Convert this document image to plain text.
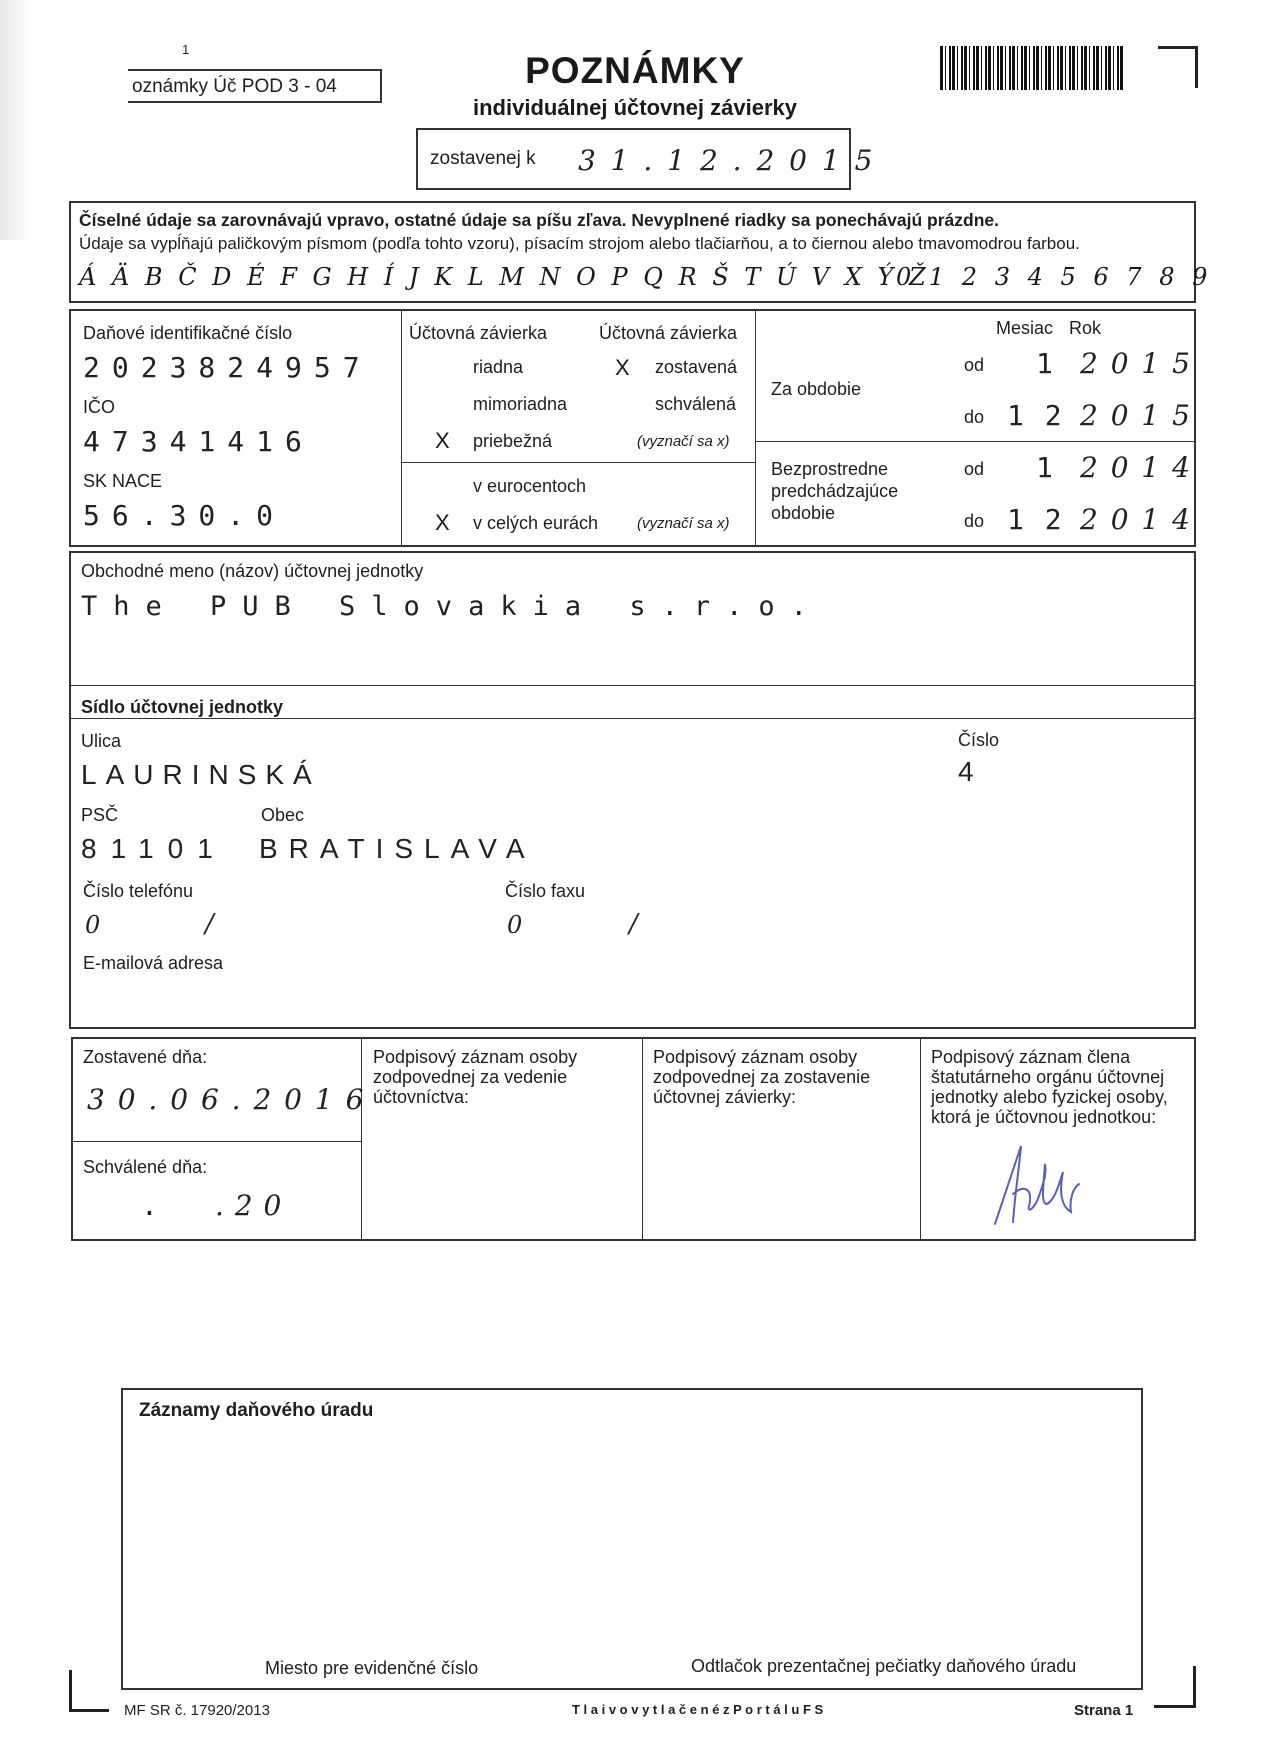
1
oznámky Úč POD 3 - 04	POZNÁMKY
individuálnej účtovnej závierky
zostavenej k 3 1 . 1 2 . 2 0 1 5
Číselné údaje sa zarovnávajú vpravo, ostatné údaje sa píšu zľava. Nevyplnené riadky sa ponechávajú prázdne.
Údaje sa vypĺňajú paličkovým písmom (podľa tohto vzoru), písacím strojom alebo tlačiarňou, a to čiernou alebo tmavomodrou farbou.
Á Ä B Č D É F G H Í J K L M N O P Q R Š T Ú V X Ý Ž
0 1 2 3 4 5 6 7 8 9
Daňové identifikačné číslo
2023824957
IČO
47341416
SK NACE
56.30.0
Účtovná závierka	Účtovná závierka
riadna	X zostavená
mimoriadna	schválená
X priebežná	(vyznačí sa x)
v eurocentoch
X v celých eurách	(vyznačí sa x)
Mesiac Rok
Za obdobie
od 1 2 0 1 5
do 1 2 2 0 1 5
Bezprostredne
predchádzajúce
obdobie
od 1 2 0 1 4
do 1 2 2 0 1 4
Obchodné meno (názov) účtovnej jednotky
The PUB Slovakia s.r.o.
Sídlo účtovnej jednotky
Ulica
LAURINSKÁ
Číslo
4
PSČ	Obec
81101 BRATISLAVA
Číslo telefónu
0	/
Číslo faxu
0	/
E-mailová adresa
Zostavené dňa:
3 0 . 0 6 . 2 0 1 6
Schválené dňa:
. . 2 0
Podpisový záznam osoby zodpovednej za vedenie účtovníctva:
Podpisový záznam osoby zodpovednej za zostavenie účtovnej závierky:
Podpisový záznam člena štatutárneho orgánu účtovnej jednotky alebo fyzickej osoby, ktorá je účtovnou jednotkou:
Záznamy daňového úradu
Miesto pre evidenčné číslo	Odtlačok prezentačnej pečiatky daňového úradu
MF SR č. 17920/2013	T l a i v o v y t l a č e n é z P o r t á l u F S	Strana 1
